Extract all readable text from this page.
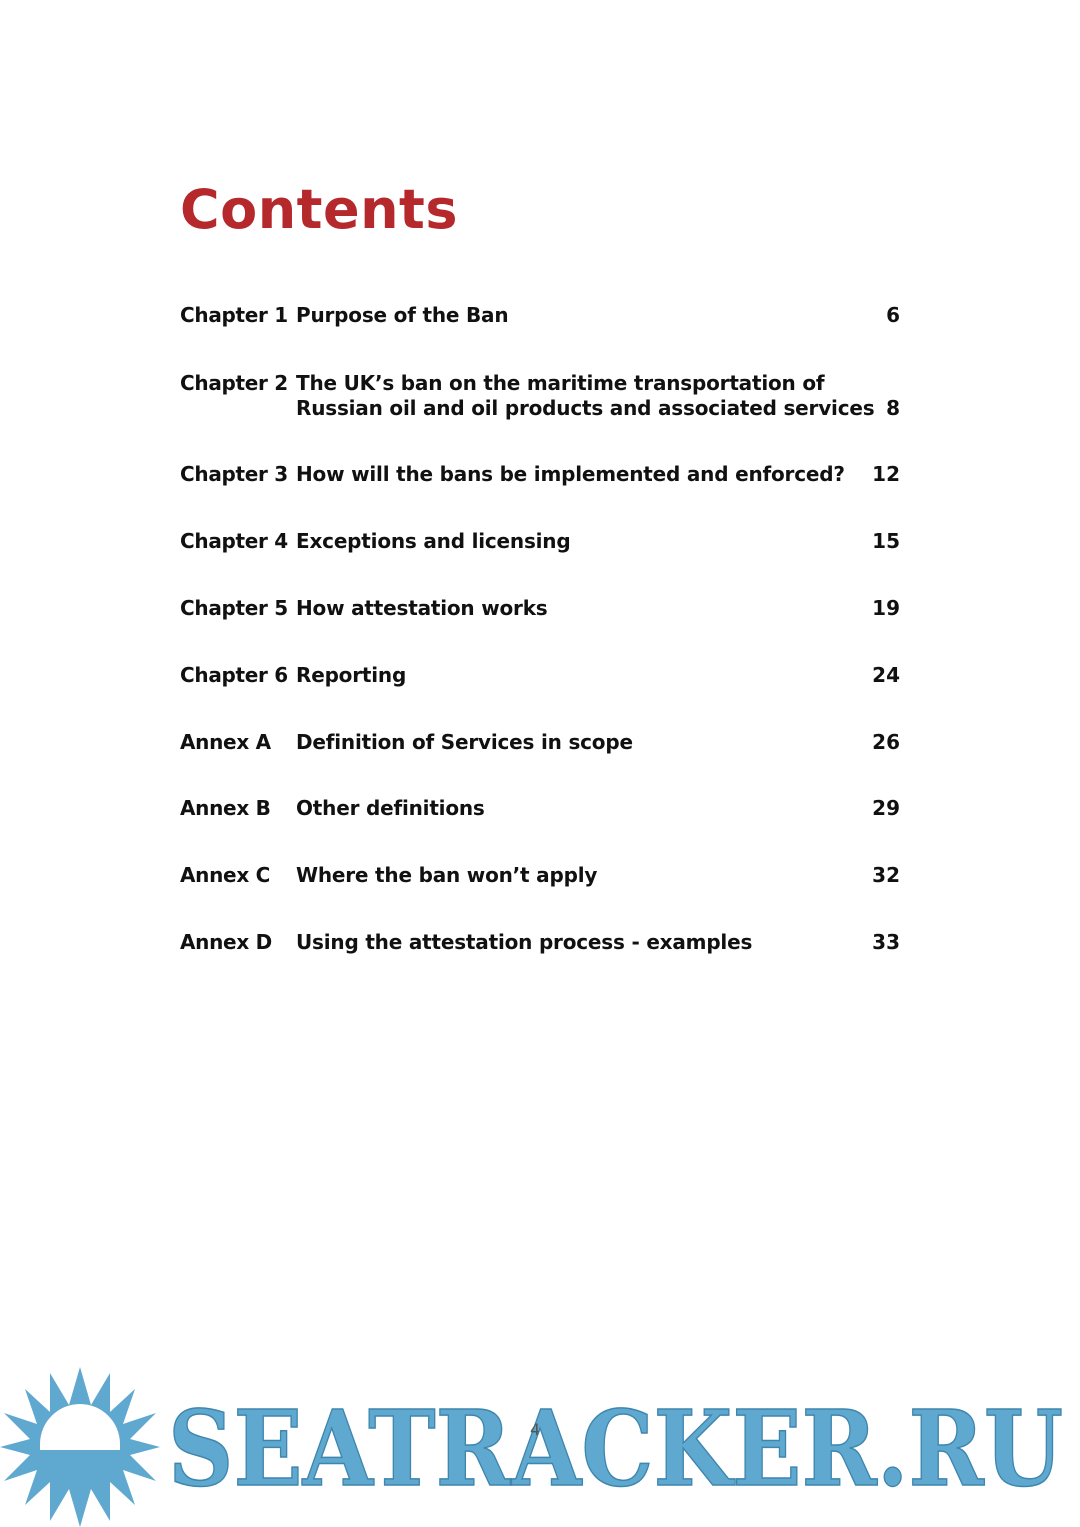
Contents
Chapter 1 Purpose of the Ban	6
Chapter 2 The UK’s ban on the maritime transportation of Russian oil and oil products and associated services 8
Chapter 3 How will the bans be implemented and enforced?	12
Chapter 4 Exceptions and licensing	15
Chapter 5 How attestation works	19
Chapter 6 Reporting	24
Annex A	Definition of Services in scope	26
Annex B	Other definitions	29
Annex C	Where the ban won’t apply	32
Annex D	Using the attestation process - examples	33
SEATRACKER.RU
4
